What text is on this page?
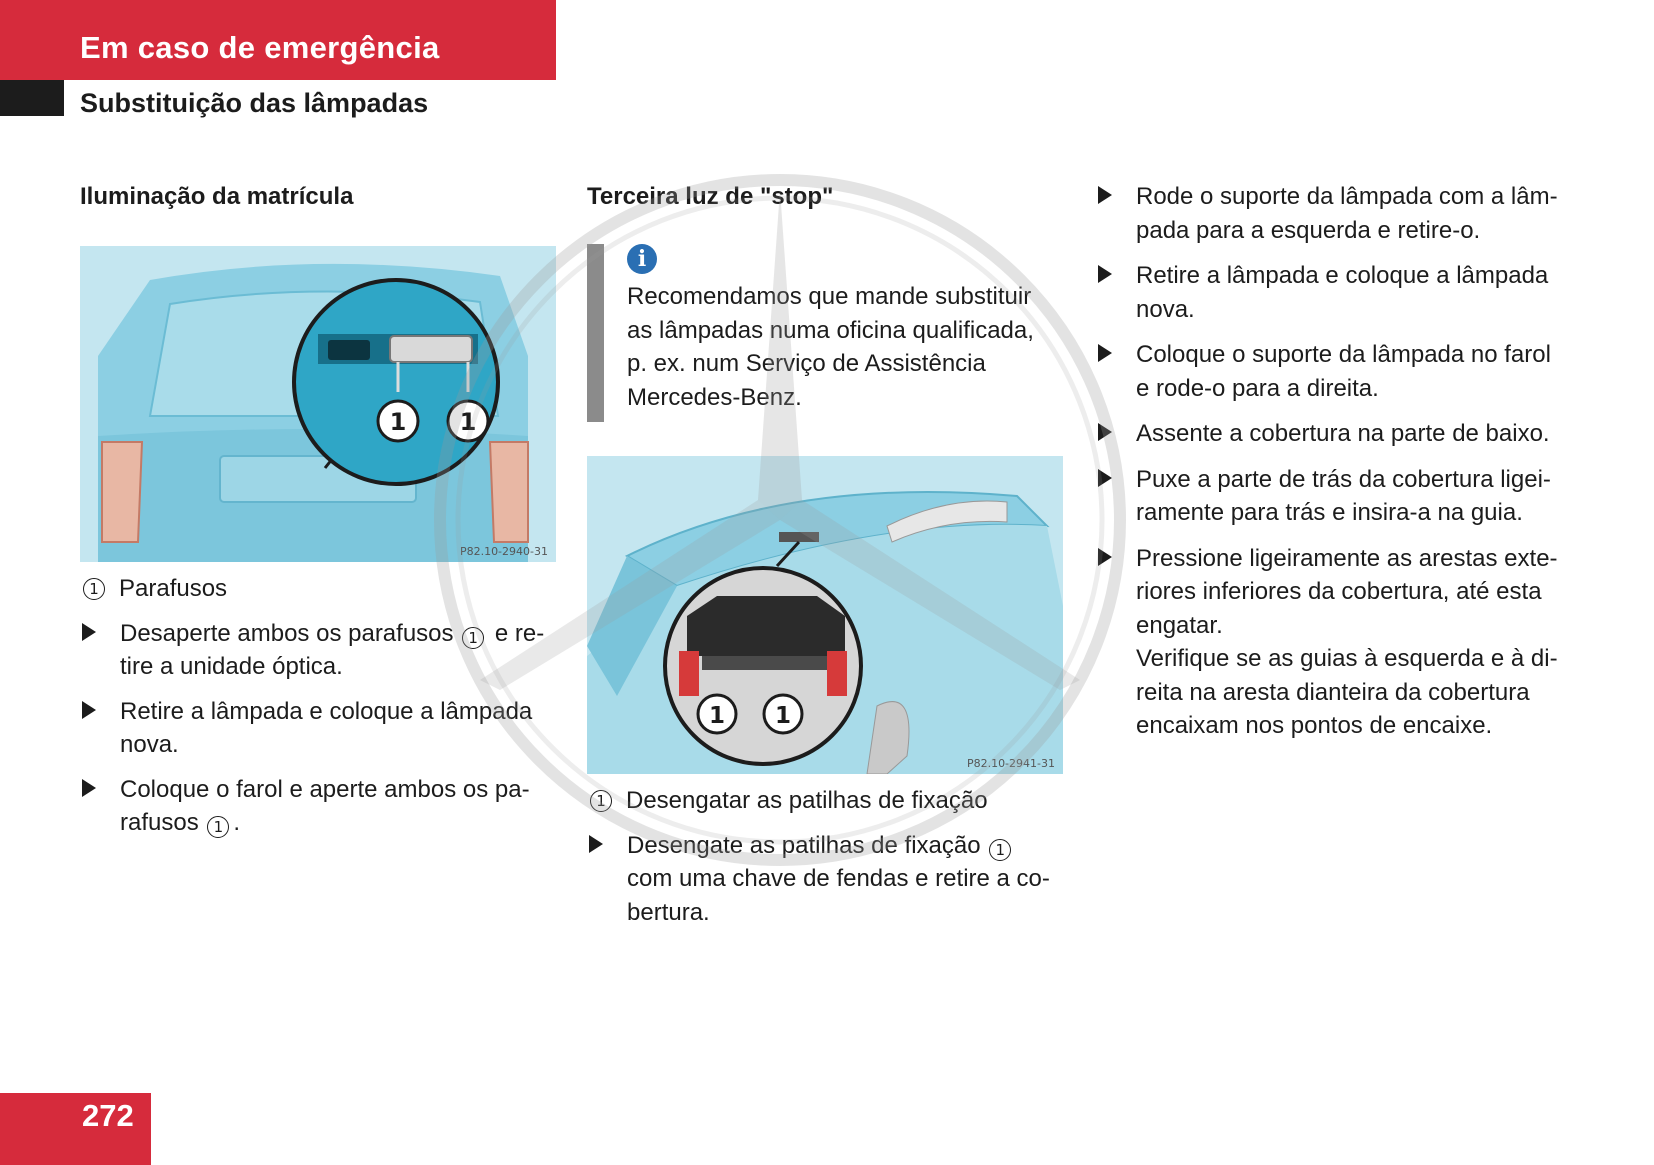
Em caso de emergência
Substituição das lâmpadas
Iluminação da matrícula
1 1
P82.10-2940-31
1 Parafusos

Desaperte ambos os parafusos 1 e re-
tire a unidade óptica.

Retire a lâmpada e coloque a lâmpada
nova.

Coloque o farol e aperte ambos os pa-
rafusos 1 .

Terceira luz de "stop"
i
Recomendamos que mande substituir
as lâmpadas numa oficina qualificada,
p. ex. num Serviço de Assistência
Mercedes-Benz.
1 1
P82.10-2941-31
1 Desengatar as patilhas de fixação

Desengate as patilhas de fixação 1
com uma chave de fendas e retire a co-
bertura.

Rode o suporte da lâmpada com a lâm-
pada para a esquerda e retire-o.

Retire a lâmpada e coloque a lâmpada
nova.

Coloque o suporte da lâmpada no farol
e rode-o para a direita.

Assente a cobertura na parte de baixo.

Puxe a parte de trás da cobertura ligei-
ramente para trás e insira-a na guia.

Pressione ligeiramente as arestas exte-
riores inferiores da cobertura, até esta
engatar.
Verifique se as guias à esquerda e à di-
reita na aresta dianteira da cobertura
encaixam nos pontos de encaixe.

272
